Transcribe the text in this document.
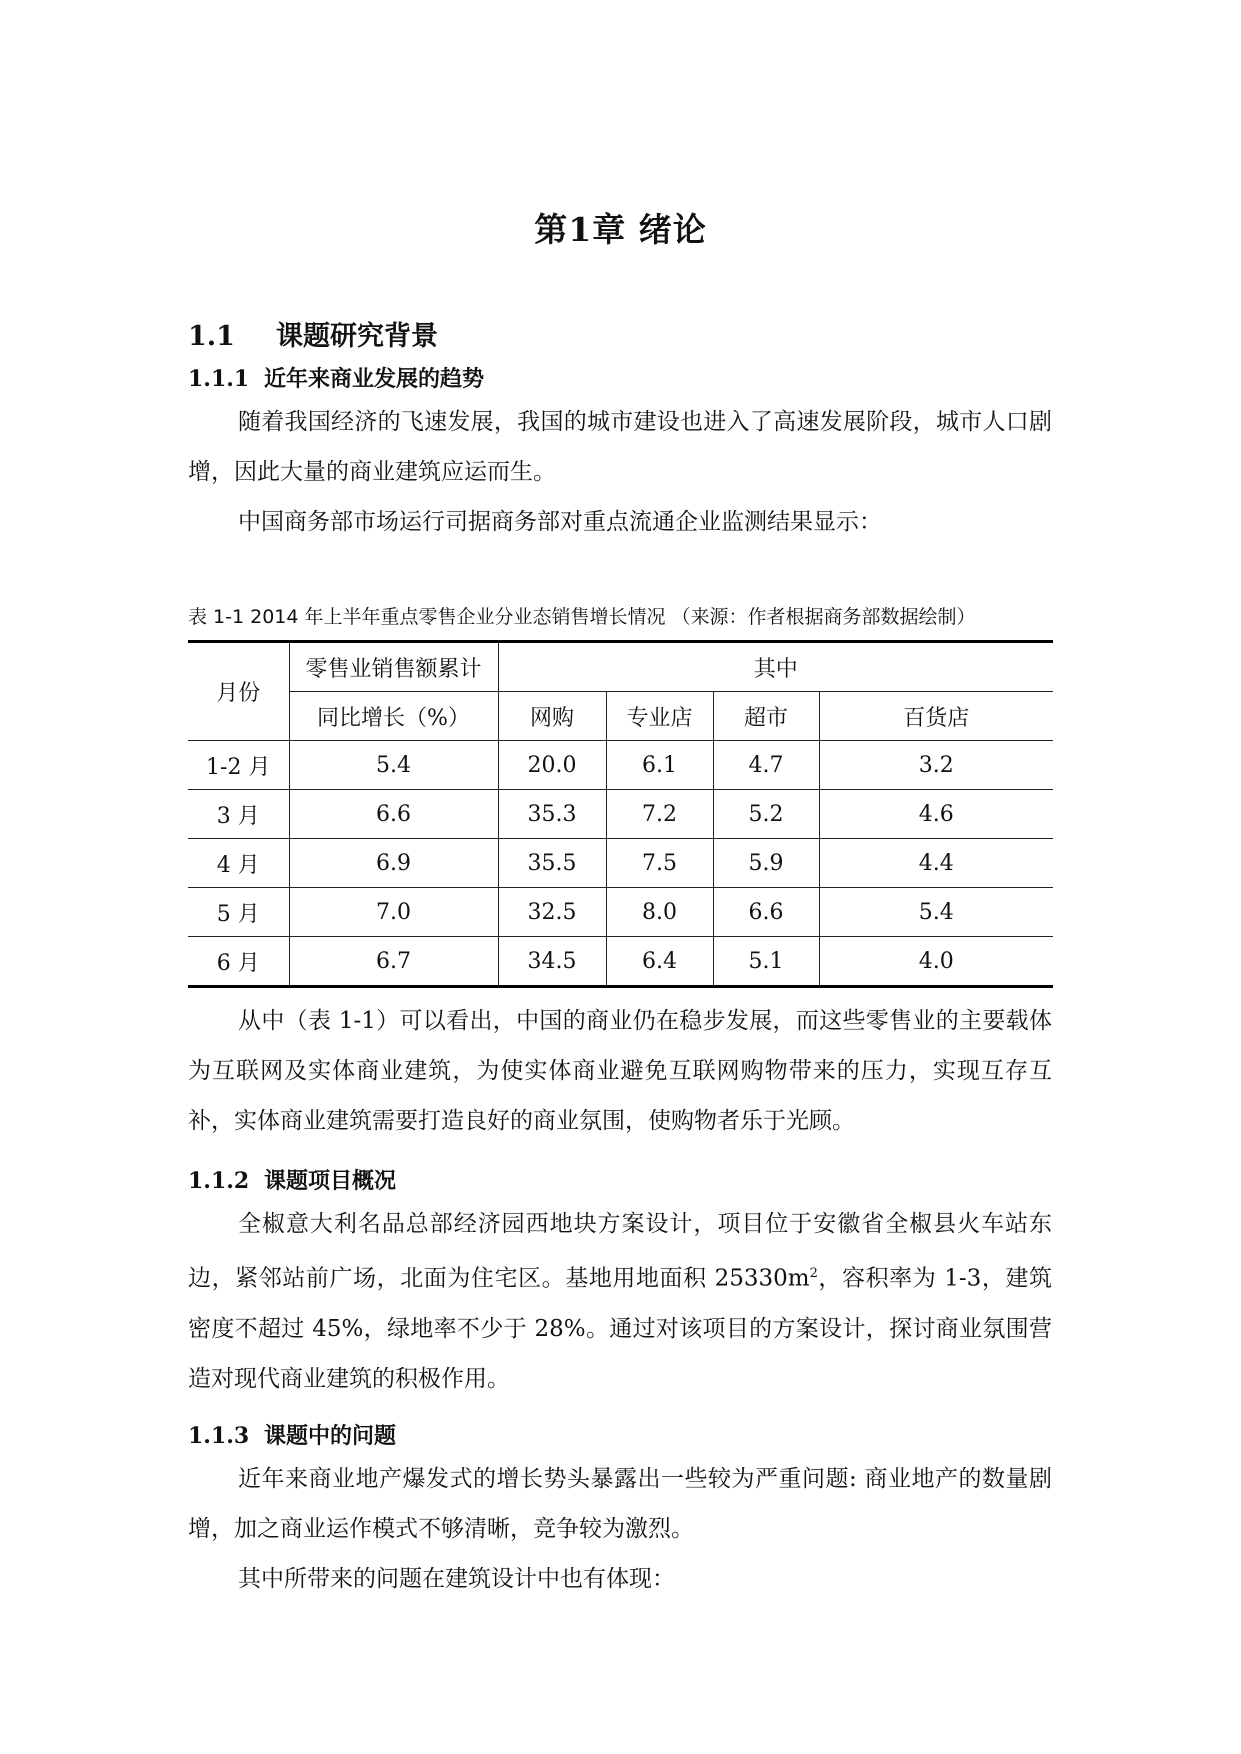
第1章 绪论
1.1 课题研究背景
1.1.1 近年来商业发展的趋势
随着我国经济的飞速发展，我国的城市建设也进入了高速发展阶段，城市人口剧增，因此大量的商业建筑应运而生。
中国商务部市场运行司据商务部对重点流通企业监测结果显示：
表 1-1 2014 年上半年重点零售企业分业态销售增长情况 （来源：作者根据商务部数据绘制）
月份	零售业销售额累计	其中			
	同比增长（%）	网购	专业店	超市	百货店
1-2 月	5.4	20.0	6.1	4.7	3.2
3 月	6.6	35.3	7.2	5.2	4.6
4 月	6.9	35.5	7.5	5.9	4.4
5 月	7.0	32.5	8.0	6.6	5.4
6 月	6.7	34.5	6.4	5.1	4.0
从中（表 1-1）可以看出，中国的商业仍在稳步发展，而这些零售业的主要载体为互联网及实体商业建筑，为使实体商业避免互联网购物带来的压力，实现互存互补，实体商业建筑需要打造良好的商业氛围，使购物者乐于光顾。
1.1.2 课题项目概况
全椒意大利名品总部经济园西地块方案设计，项目位于安徽省全椒县火车站东边，紧邻站前广场，北面为住宅区。基地用地面积 $25330m^2$，容积率为 1-3，建筑密度不超过 45%，绿地率不少于 28%。通过对该项目的方案设计，探讨商业氛围营造对现代商业建筑的积极作用。
1.1.3 课题中的问题
近年来商业地产爆发式的增长势头暴露出一些较为严重问题: 商业地产的数量剧增，加之商业运作模式不够清晰，竞争较为激烈。
其中所带来的问题在建筑设计中也有体现：
